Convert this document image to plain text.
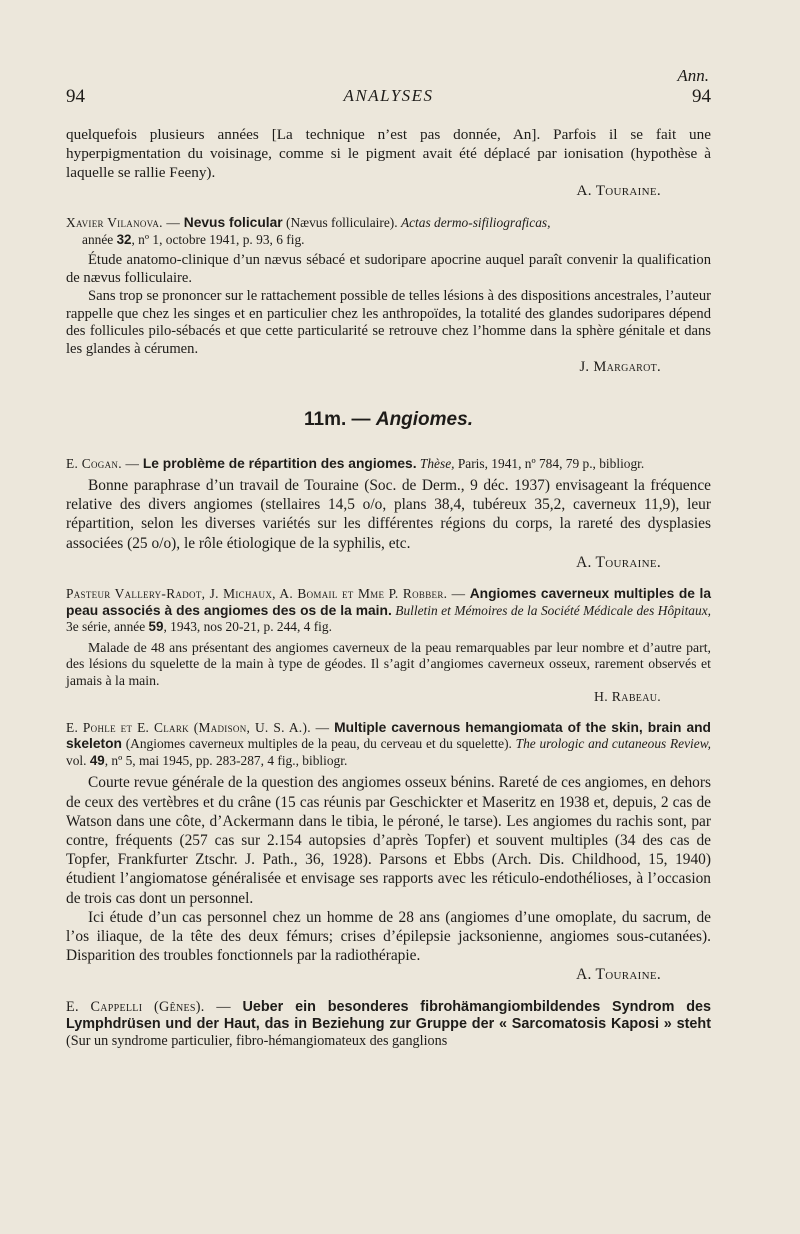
Ann.
94	ANALYSES	94

quelquefois plusieurs années [La technique n’est pas donnée, An]. Parfois il se fait une hyperpigmentation du voisinage, comme si le pigment avait été déplacé par ionisation (hypothèse à laquelle se rallie Feeny).

A. Touraine.

Xavier Vilanova. — Nevus folicular (Nævus folliculaire). Actas dermo-sifiliograficas,
année 32, nº 1, octobre 1941, p. 93, 6 fig.

Étude anatomo-clinique d’un nævus sébacé et sudoripare apocrine auquel paraît convenir la qualification de nævus folliculaire.

Sans trop se prononcer sur le rattachement possible de telles lésions à des dispositions ancestrales, l’auteur rappelle que chez les singes et en particulier chez les anthropoïdes, la totalité des glandes sudoripares dépend des follicules pilo-sébacés et que cette particularité se retrouve chez l’homme dans la sphère génitale et dans les glandes à cérumen.

J. Margarot.

11m. — Angiomes.
E. Cogan. — Le problème de répartition des angiomes. Thèse, Paris, 1941, nº 784, 79 p., bibliogr.

Bonne paraphrase d’un travail de Touraine (Soc. de Derm., 9 déc. 1937) envisageant la fréquence relative des divers angiomes (stellaires 14,5 o/o, plans 38,4, tubéreux 35,2, caverneux 11,9), leur répartition, selon les diverses variétés sur les différentes régions du corps, la rareté des dysplasies associées (25 o/o), le rôle étiologique de la syphilis, etc.

A. Touraine.

Pasteur Vallery-Radot, J. Michaux, A. Bomail et Mme P. Robber. — Angiomes caverneux multiples de la peau associés à des angiomes des os de la main. Bulletin et Mémoires de la Société Médicale des Hôpitaux, 3e série, année 59, 1943, nos 20-21, p. 244, 4 fig.

Malade de 48 ans présentant des angiomes caverneux de la peau remarquables par leur nombre et d’autre part, des lésions du squelette de la main à type de géodes. Il s’agit d’angiomes caverneux osseux, rarement observés et jamais à la main.

H. Rabeau.

E. Pohle et E. Clark (Madison, U. S. A.). — Multiple cavernous hemangiomata of the skin, brain and skeleton (Angiomes caverneux multiples de la peau, du cerveau et du squelette). The urologic and cutaneous Review, vol. 49, nº 5, mai 1945, pp. 283-287, 4 fig., bibliogr.

Courte revue générale de la question des angiomes osseux bénins. Rareté de ces angiomes, en dehors de ceux des vertèbres et du crâne (15 cas réunis par Geschickter et Maseritz en 1938 et, depuis, 2 cas de Watson dans une côte, d’Ackermann dans le tibia, le péroné, le tarse). Les angiomes du rachis sont, par contre, fréquents (257 cas sur 2.154 autopsies d’après Topfer) et souvent multiples (34 des cas de Topfer, Frankfurter Ztschr. J. Path., 36, 1928). Parsons et Ebbs (Arch. Dis. Childhood, 15, 1940) étudient l’angiomatose généralisée et envisage ses rapports avec les réticulo-endothélioses, à l’occasion de trois cas dont un personnel.

Ici étude d’un cas personnel chez un homme de 28 ans (angiomes d’une omoplate, du sacrum, de l’os iliaque, de la tête des deux fémurs; crises d’épilepsie jacksonienne, angiomes sous-cutanées). Disparition des troubles fonctionnels par la radiothérapie.

A. Touraine.

E. Cappelli (Gênes). — Ueber ein besonderes fibrohämangiombildendes Syndrom des Lymphdrüsen und der Haut, das in Beziehung zur Gruppe der « Sarcomatosis Kaposi » steht (Sur un syndrome particulier, fibro-hémangiomateux des ganglions
